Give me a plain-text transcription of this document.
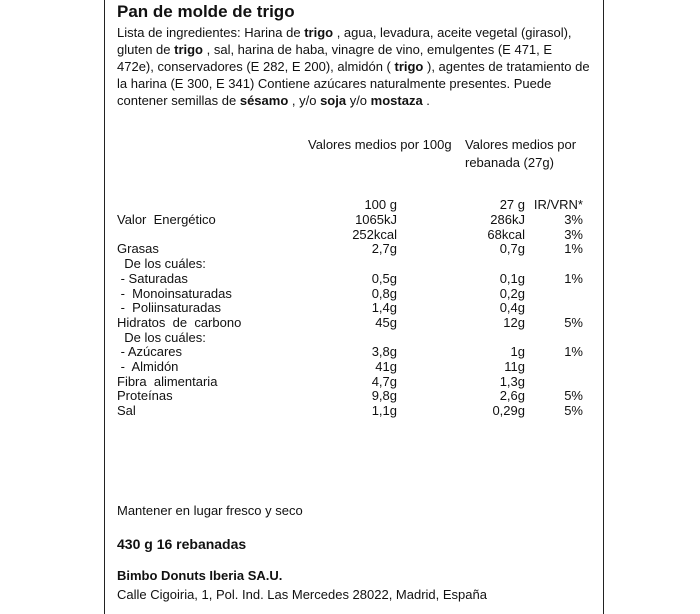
Pan de molde de trigo

Lista de ingredientes: Harina de trigo , agua, levadura, aceite vegetal (girasol), gluten de trigo , sal, harina de haba, vinagre de vino, emulgentes (E 471, E 472e), conservadores (E 282, E 200), almidón ( trigo ), agentes de tratamiento de la harina (E 300, E 341) Contiene azúcares naturalmente presentes. Puede contener semillas de sésamo , y/o soja y/o mostaza .

Valores medios por 100g Valores medios por rebanada (27g)
100 g	27 g IR/VRN*
Valor  Energético	1065kJ	286kJ	3%
252kcal	68kcal	3%
Grasas	2,7g	0,7g	1%
De los cuáles:
- Saturadas	0,5g	0,1g	1%
-  Monoinsaturadas	0,8g	0,2g
-  Poliinsaturadas	1,4g	0,4g
Hidratos  de  carbono	45g	12g	5%
De los cuáles:
- Azúcares	3,8g	1g	1%
-  Almidón	41g	11g
Fibra  alimentaria	4,7g	1,3g
Proteínas	9,8g	2,6g	5%
Sal	1,1g	0,29g	5%
Mantener en lugar fresco y seco
430 g 16 rebanadas
Bimbo Donuts Iberia SA.U.
Calle Cigoiria, 1, Pol. Ind. Las Mercedes 28022, Madrid, España
